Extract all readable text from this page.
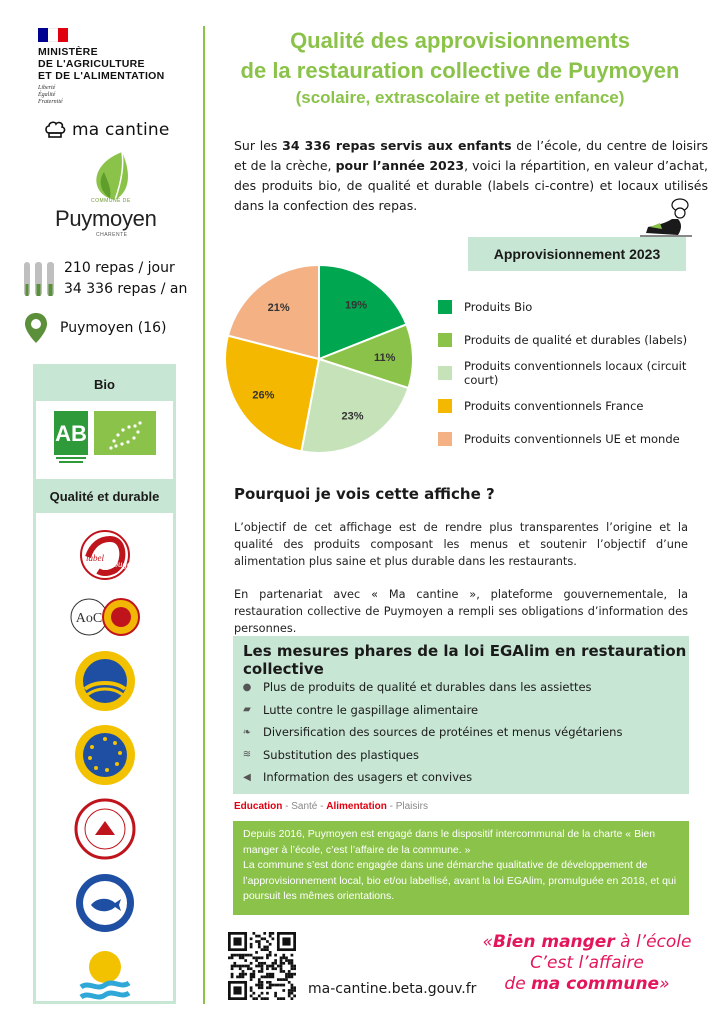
MINISTÈRE
DE L'AGRICULTURE
ET DE L'ALIMENTATION
Liberté
Égalité
Fraternité
ma cantine
COMMUNE DE
Puymoyen
CHARENTE
210 repas / jour
34 336 repas / an
Puymoyen (16)
Bio
AB
Qualité et durable
label
Rouge
AoC
Qualité des approvisionnements
de la restauration collective de Puymoyen
(scolaire, extrascolaire et petite enfance)

Sur les 34 336 repas servis aux enfants de l’école, du centre de loisirs et de la crèche, pour l’année 2023, voici la répartition, en valeur d’achat, des produits bio, de qualité et durable (labels ci-contre) et locaux utilisés dans la confection des repas.

Approvisionnement 2023
19%
11%
23%
26%
21%	Produits Bio
Produits de qualité et durables (labels)
Produits conventionnels locaux (circuit court)
Produits conventionnels France
Produits conventionnels UE et monde
Pourquoi je vois cette affiche ?

L’objectif de cet affichage est de rendre plus transparentes l’origine et la qualité des produits composant les menus et soutenir l’objectif d’une alimentation plus saine et plus durable dans les restaurants.

En partenariat avec « Ma cantine », plateforme gouvernementale, la restauration collective de Puymoyen a rempli ses obligations d’information des personnes.

Les mesures phares de la loi EGAlim en restauration collective
● Plus de produits de qualité et durables dans les assiettes
▰ Lutte contre le gaspillage alimentaire
❧ Diversification des sources de protéines et menus végétariens
≋ Substitution des plastiques
◀ Information des usagers et convives
Education - Santé - Alimentation - Plaisirs

Depuis 2016, Puymoyen est engagé dans le dispositif intercommunal de la charte « Bien manger à l’école, c’est l’affaire de la commune. »

La commune s’est donc engagée dans une démarche qualitative de développement de l’approvisionnement local, bio et/ou labellisé, avant la loi EGAlim, promulguée en 2018, et qui poursuit les mêmes orientations.

ma-cantine.beta.gouv.fr
«Bien manger à l’école
C’est l’affaire
de ma commune»
